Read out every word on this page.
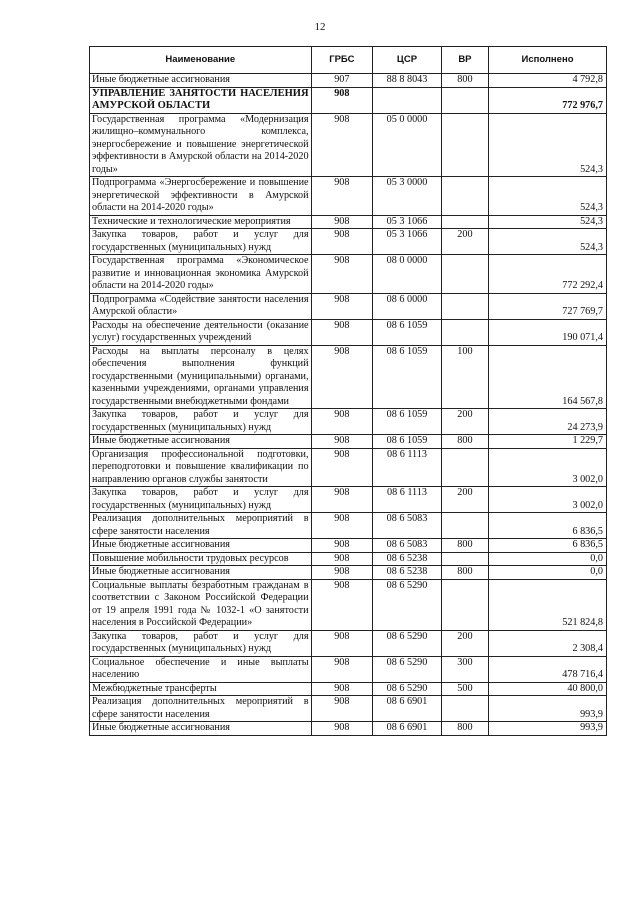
12
Наименование	ГРБС	ЦСР	ВР	Исполнено
Иные бюджетные ассигнования	907	88 8 8043	800	4 792,8
УПРАВЛЕНИЕ ЗАНЯТОСТИ НАСЕЛЕНИЯ АМУРСКОЙ ОБЛАСТИ	908			772 976,7
Государственная программа «Модернизация жилищно–коммунального комплекса, энергосбережение и повышение энергетической эффективности в Амурской области на 2014-2020 годы»	908	05 0 0000		524,3
Подпрограмма «Энергосбережение и повышение энергетической эффективности в Амурской области на 2014-2020 годы»	908	05 3 0000		524,3
Технические и технологические мероприятия	908	05 3 1066		524,3
Закупка товаров, работ и услуг для государственных (муниципальных) нужд	908	05 3 1066	200	524,3
Государственная программа «Экономическое развитие и инновационная экономика Амурской области на 2014-2020 годы»	908	08 0 0000		772 292,4
Подпрограмма «Содействие занятости населения Амурской области»	908	08 6 0000		727 769,7
Расходы на обеспечение деятельности (оказание услуг) государственных учреждений	908	08 6 1059		190 071,4
Расходы на выплаты персоналу в целях обеспечения выполнения функций государственными (муниципальными) органами, казенными учреждениями, органами управления государственными внебюджетными фондами	908	08 6 1059	100	164 567,8
Закупка товаров, работ и услуг для государственных (муниципальных) нужд	908	08 6 1059	200	24 273,9
Иные бюджетные ассигнования	908	08 6 1059	800	1 229,7
Организация профессиональной подготовки, переподготовки и повышение квалификации по направлению органов службы занятости	908	08 6 1113		3 002,0
Закупка товаров, работ и услуг для государственных (муниципальных) нужд	908	08 6 1113	200	3 002,0
Реализация дополнительных мероприятий в сфере занятости населения	908	08 6 5083		6 836,5
Иные бюджетные ассигнования	908	08 6 5083	800	6 836,5
Повышение мобильности трудовых ресурсов	908	08 6 5238		0,0
Иные бюджетные ассигнования	908	08 6 5238	800	0,0
Социальные выплаты безработным гражданам в соответствии с Законом Российской Федерации от 19 апреля 1991 года № 1032-1 «О занятости населения в Российской Федерации»	908	08 6 5290		521 824,8
Закупка товаров, работ и услуг для государственных (муниципальных) нужд	908	08 6 5290	200	2 308,4
Социальное обеспечение и иные выплаты населению	908	08 6 5290	300	478 716,4
Межбюджетные трансферты	908	08 6 5290	500	40 800,0
Реализация дополнительных мероприятий в сфере занятости населения	908	08 6 6901		993,9
Иные бюджетные ассигнования	908	08 6 6901	800	993,9
